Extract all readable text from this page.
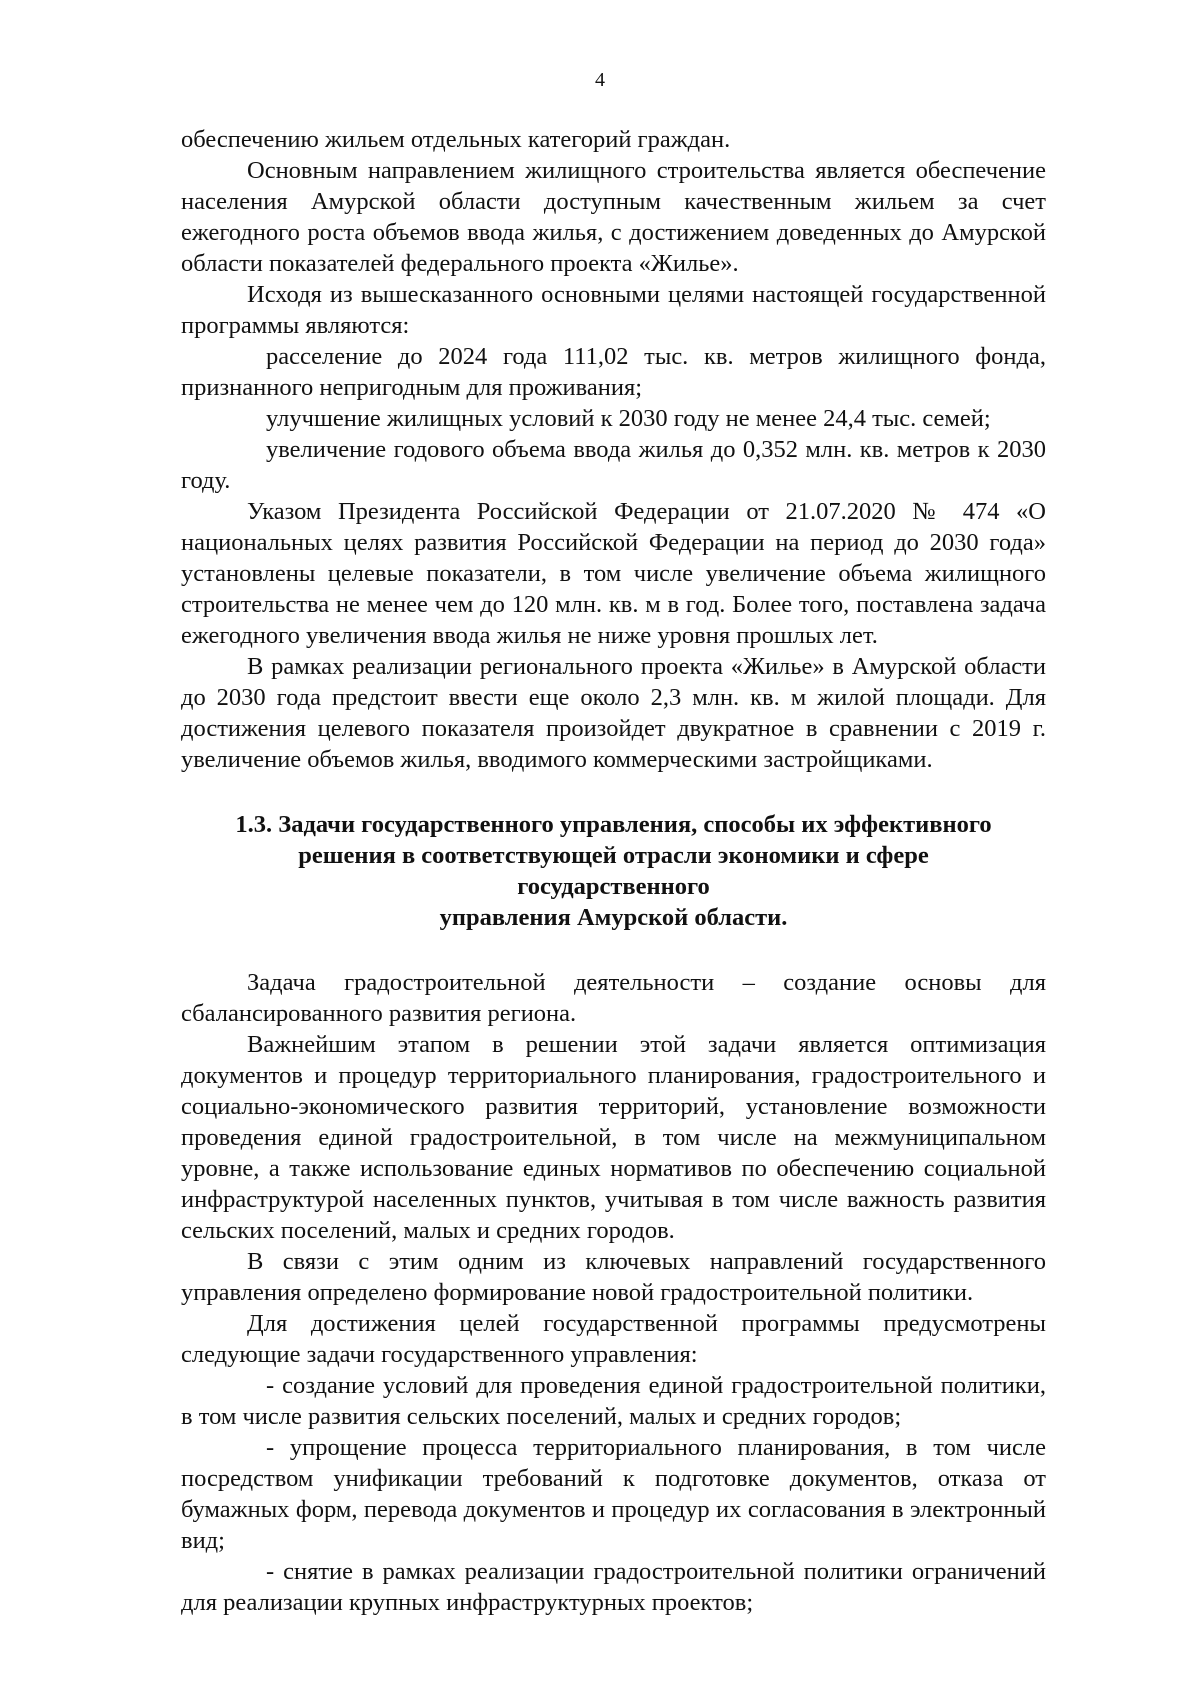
4

обеспечению жильем отдельных категорий граждан.

Основным направлением жилищного строительства является обеспечение населения Амурской области доступным качественным жильем за счет ежегодного роста объемов ввода жилья, с достижением доведенных до Амурской области показателей федерального проекта «Жилье».

Исходя из вышесказанного основными целями настоящей государственной программы являются:

расселение до 2024 года 111,02 тыс. кв. метров жилищного фонда, признанного непригодным для проживания;

улучшение жилищных условий к 2030 году не менее 24,4 тыс. семей;

увеличение годового объема ввода жилья до 0,352 млн. кв. метров к 2030 году.

Указом Президента Российской Федерации от 21.07.2020 № 474 «О национальных целях развития Российской Федерации на период до 2030 года» установлены целевые показатели, в том числе увеличение объема жилищного строительства не менее чем до 120 млн. кв. м в год. Более того, поставлена задача ежегодного увеличения ввода жилья не ниже уровня прошлых лет.

В рамках реализации регионального проекта «Жилье» в Амурской области до 2030 года предстоит ввести еще около 2,3 млн. кв. м жилой площади. Для достижения целевого показателя произойдет двукратное в сравнении с 2019 г. увеличение объемов жилья, вводимого коммерческими застройщиками.

1.3. Задачи государственного управления, способы их эффективного
решения в соответствующей отрасли экономики и сфере государственного
управления Амурской области.

Задача градостроительной деятельности – создание основы для сбалансированного развития региона.

Важнейшим этапом в решении этой задачи является оптимизация документов и процедур территориального планирования, градостроительного и социально-экономического развития территорий, установление возможности проведения единой градостроительной, в том числе на межмуниципальном уровне, а также использование единых нормативов по обеспечению социальной инфраструктурой населенных пунктов, учитывая в том числе важность развития сельских поселений, малых и средних городов.

В связи с этим одним из ключевых направлений государственного управления определено формирование новой градостроительной политики.

Для достижения целей государственной программы предусмотрены следующие задачи государственного управления:

- создание условий для проведения единой градостроительной политики, в том числе развития сельских поселений, малых и средних городов;

- упрощение процесса территориального планирования, в том числе посредством унификации требований к подготовке документов, отказа от бумажных форм, перевода документов и процедур их согласования в электронный вид;

- снятие в рамках реализации градостроительной политики ограничений для реализации крупных инфраструктурных проектов;
